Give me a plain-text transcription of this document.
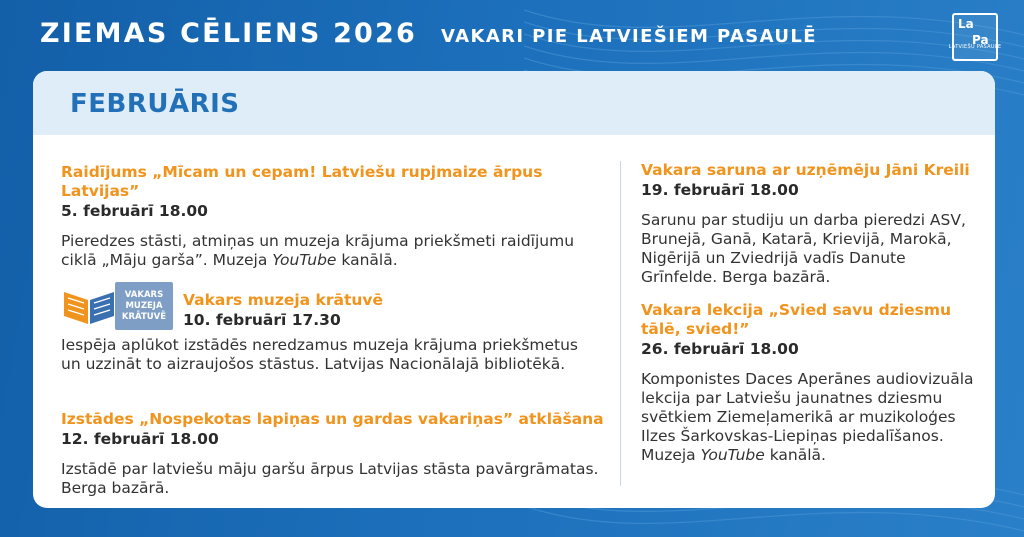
ZIEMAS CĒLIENS 2026 VAKARI PIE LATVIEŠIEM PASAULĒ
La
Pa
LATVIEŠU PASAULE
FEBRUĀRIS
Raidījums „Mīcam un cepam! Latviešu rupjmaize ārpus Latvijas”
5. februārī 18.00
Pieredzes stāsti, atmiņas un muzeja krājuma priekšmeti raidījumu ciklā „Māju garša”. Muzeja YouTube kanālā.
VAKARS
MUZEJA
KRĀTUVĒ
Vakars muzeja krātuvē
10. februārī 17.30
Iespēja aplūkot izstādēs neredzamus muzeja krājuma priekšmetus un uzzināt to aizraujošos stāstus. Latvijas Nacionālajā bibliotēkā.
Izstādes „Nospekotas lapiņas un gardas vakariņas” atklāšana
12. februārī 18.00
Izstādē par latviešu māju garšu ārpus Latvijas stāsta pavārgrāmatas. Berga bazārā.
Vakara saruna ar uzņēmēju Jāni Kreili
19. februārī 18.00
Sarunu par studiju un darba pieredzi ASV, Brunejā, Ganā, Katarā, Krievijā, Marokā, Nigērijā un Zviedrijā vadīs Danute Grīnfelde. Berga bazārā.
Vakara lekcija „Svied savu dziesmu tālē, svied!”
26. februārī 18.00
Komponistes Daces Aperānes audiovizuāla
lekcija par Latviešu jaunatnes dziesmu svētkiem Ziemeļamerikā ar muzikoloģes Ilzes Šarkovskas-Liepiņas piedalīšanos. Muzeja YouTube kanālā.
